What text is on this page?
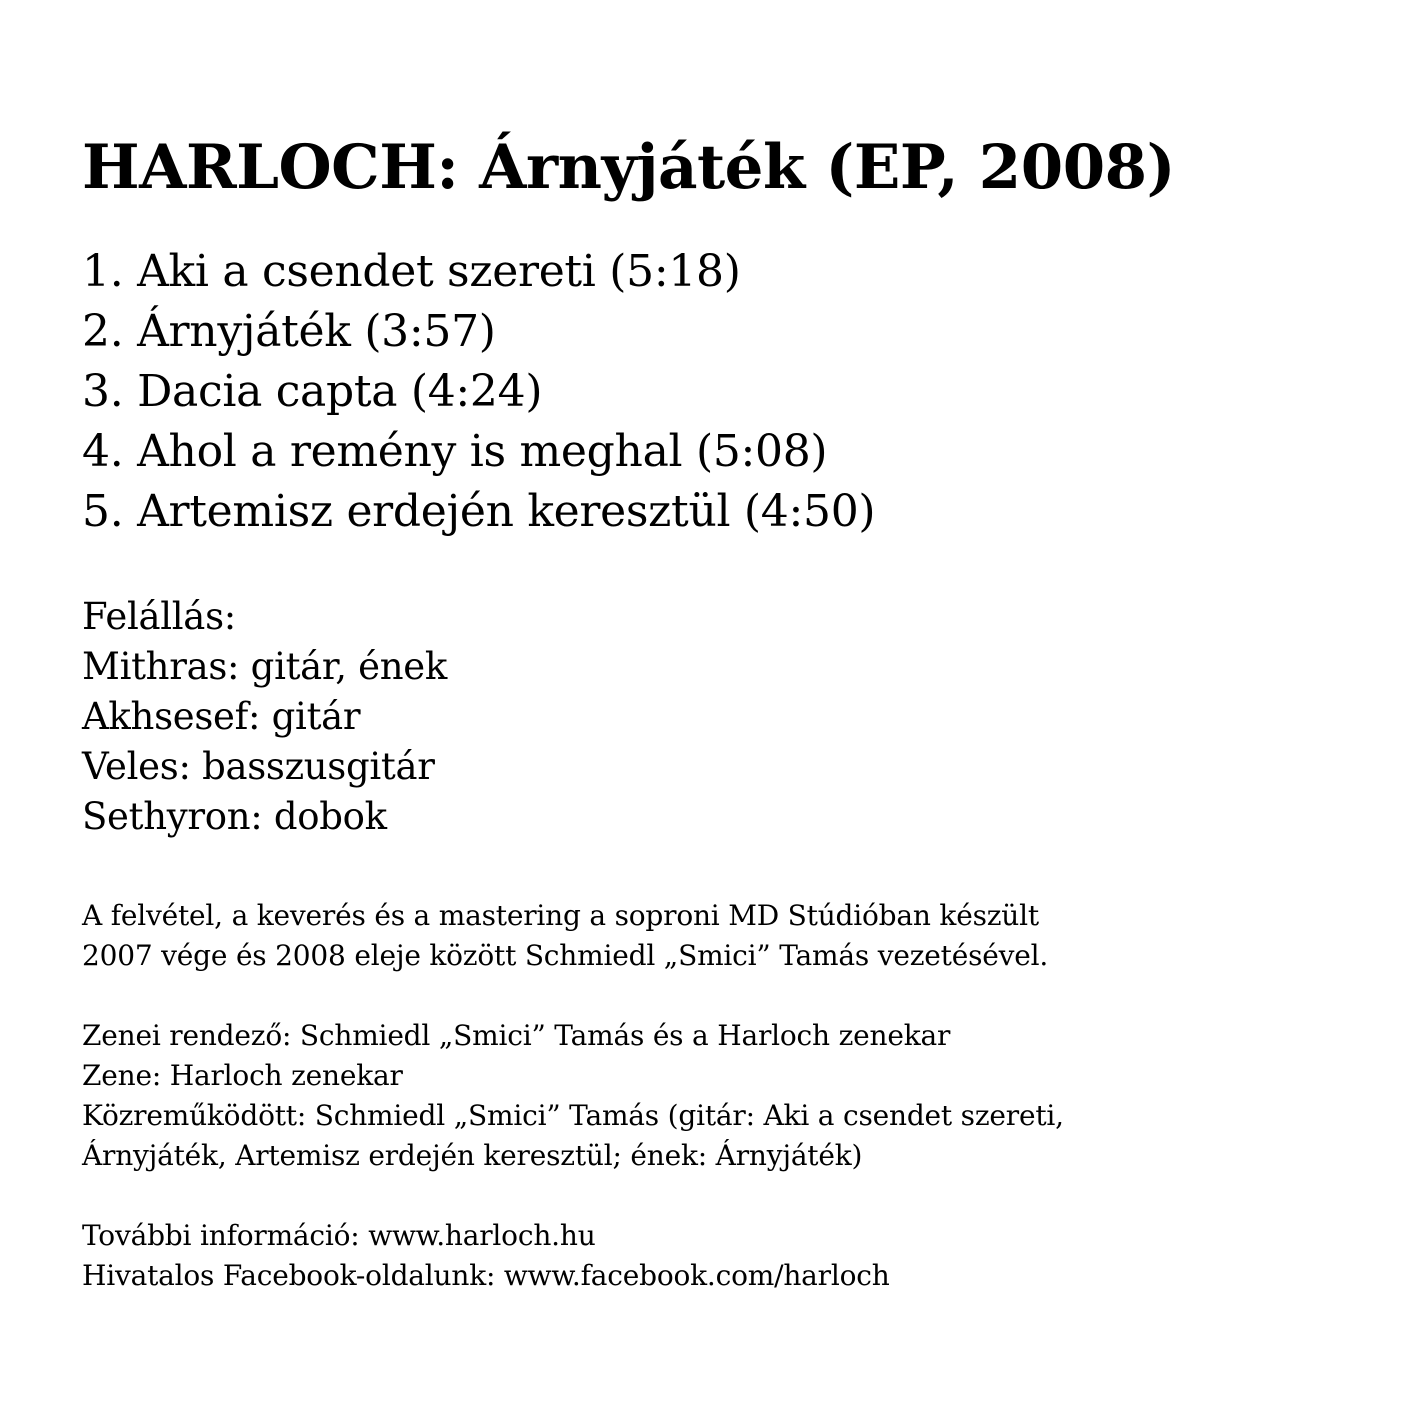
HARLOCH: Árnyjáték (EP, 2008)
1. Aki a csendet szereti (5:18)
2. Árnyjáték (3:57)
3. Dacia capta (4:24)
4. Ahol a remény is meghal (5:08)
5. Artemisz erdején keresztül (4:50)
Felállás:
Mithras: gitár, ének
Akhsesef: gitár
Veles: basszusgitár
Sethyron: dobok
A felvétel, a keverés és a mastering a soproni MD Stúdióban készült
2007 vége és 2008 eleje között Schmiedl „Smici” Tamás vezetésével.
Zenei rendező: Schmiedl „Smici” Tamás és a Harloch zenekar
Zene: Harloch zenekar
Közreműködött: Schmiedl „Smici” Tamás (gitár: Aki a csendet szereti,
Árnyjáték, Artemisz erdején keresztül; ének: Árnyjáték)
További információ: www.harloch.hu
Hivatalos Facebook-oldalunk: www.facebook.com/harloch
